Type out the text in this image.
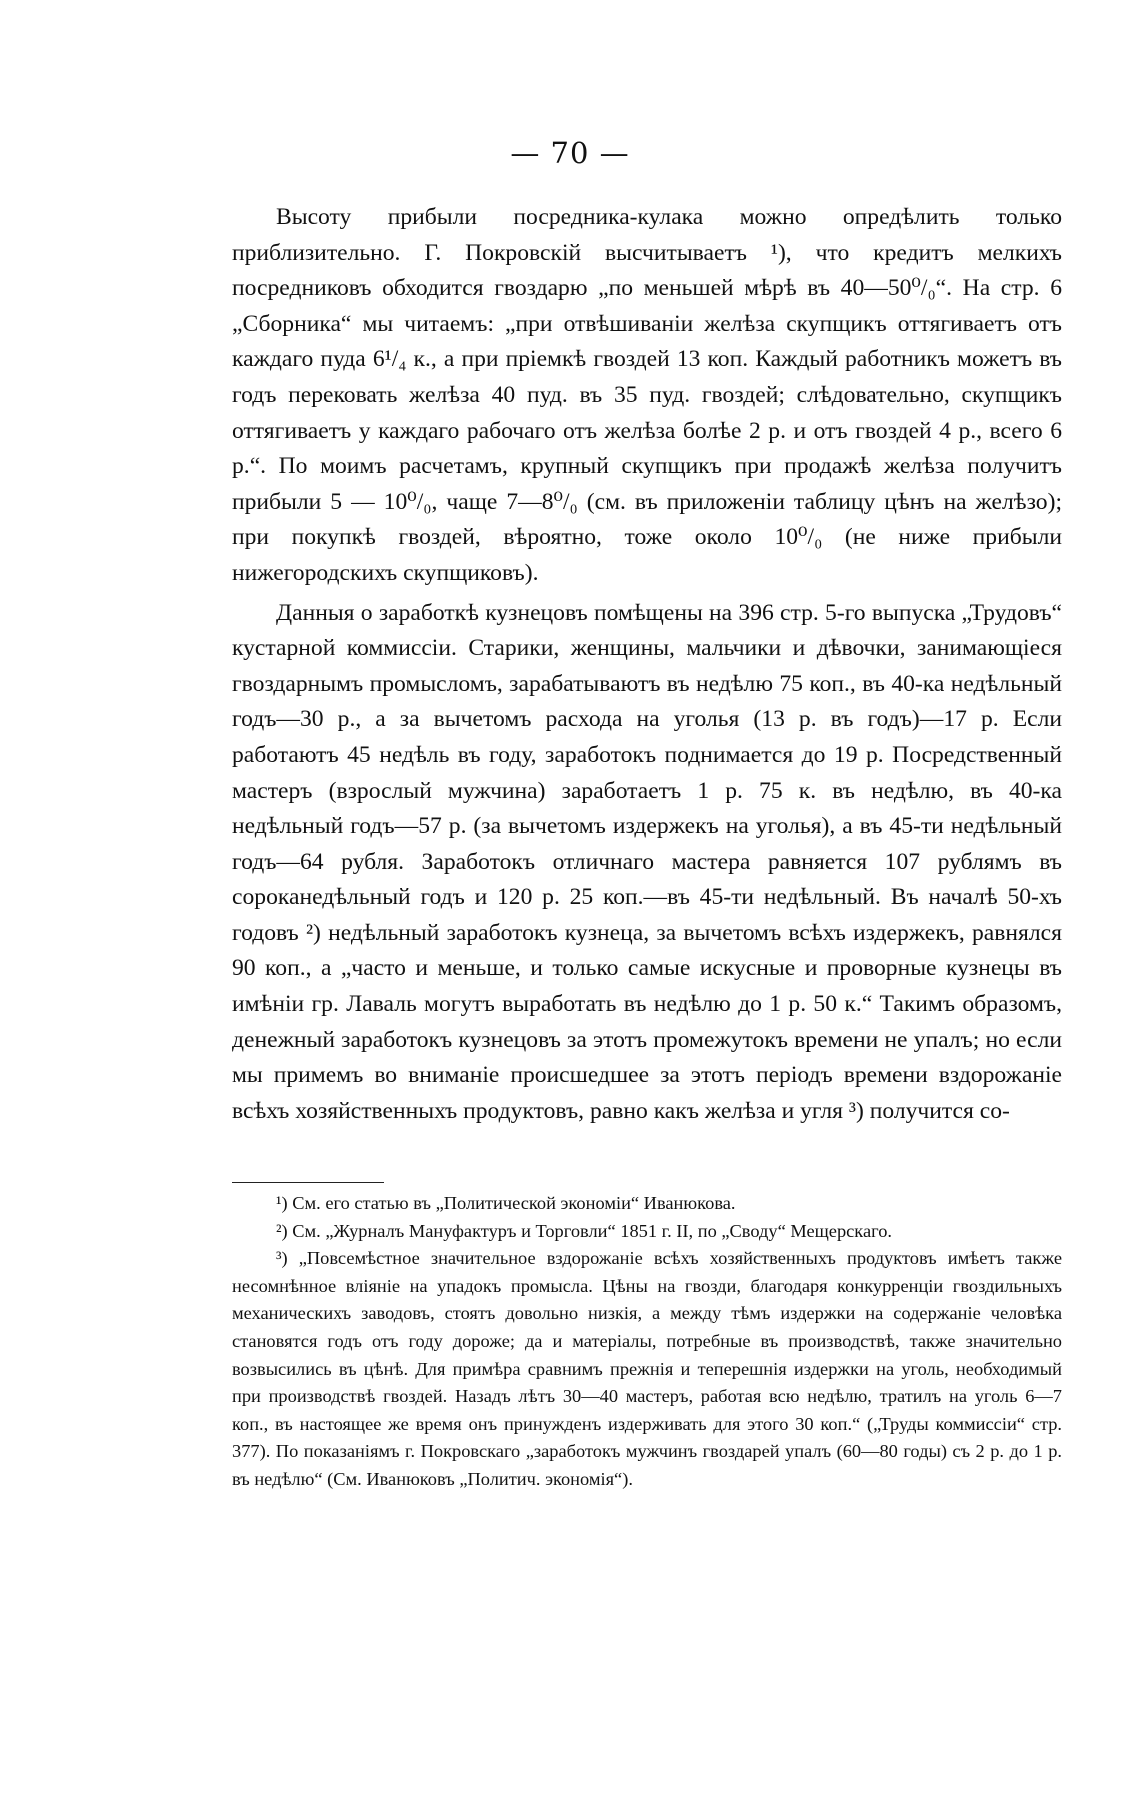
— 70 —

Высоту прибыли посредника-кулака можно опредѣлить только приблизительно. Г. Покровскій высчитываетъ ¹), что кредитъ мелкихъ посредниковъ обходится гвоздарю „по меньшей мѣрѣ въ 40—50⁰/₀“. На стр. 6 „Сборника“ мы читаемъ: „при отвѣшиваніи желѣза скупщикъ оттягиваетъ отъ каждаго пуда 6¹/₄ к., а при пріемкѣ гвоздей 13 коп. Каждый работникъ можетъ въ годъ перековать желѣза 40 пуд. въ 35 пуд. гвоздей; слѣдовательно, скупщикъ оттягиваетъ у каждаго рабочаго отъ желѣза болѣе 2 р. и отъ гвоздей 4 р., всего 6 р.“. По моимъ расчетамъ, крупный скупщикъ при продажѣ желѣза получитъ прибыли 5 — 10⁰/₀, чаще 7—8⁰/₀ (см. въ приложеніи таблицу цѣнъ на желѣзо); при покупкѣ гвоздей, вѣроятно, тоже около 10⁰/₀ (не ниже прибыли нижегородскихъ скупщиковъ).

Данныя о заработкѣ кузнецовъ помѣщены на 396 стр. 5-го выпуска „Трудовъ“ кустарной коммиссіи. Старики, женщины, мальчики и дѣвочки, занимающіеся гвоздарнымъ промысломъ, зарабатываютъ въ недѣлю 75 коп., въ 40-ка недѣльный годъ—30 р., а за вычетомъ расхода на уголья (13 р. въ годъ)—17 р. Если работаютъ 45 недѣль въ году, заработокъ поднимается до 19 р. Посредственный мастеръ (взрослый мужчина) заработаетъ 1 р. 75 к. въ недѣлю, въ 40-ка недѣльный годъ—57 р. (за вычетомъ издержекъ на уголья), а въ 45-ти недѣльный годъ—64 рубля. Заработокъ отличнаго мастера равняется 107 рублямъ въ сороканедѣльный годъ и 120 р. 25 коп.—въ 45-ти недѣльный. Въ началѣ 50-хъ годовъ ²) недѣльный заработокъ кузнеца, за вычетомъ всѣхъ издержекъ, равнялся 90 коп., а „часто и меньше, и только самые искусные и проворные кузнецы въ имѣніи гр. Лаваль могутъ выработать въ недѣлю до 1 р. 50 к.“ Такимъ образомъ, денежный заработокъ кузнецовъ за этотъ промежутокъ времени не упалъ; но если мы примемъ во вниманіе происшедшее за этотъ періодъ времени вздорожаніе всѣхъ хозяйственныхъ продуктовъ, равно какъ желѣза и угля ³) получится со-

¹) См. его статью въ „Политической экономіи“ Иванюкова.

²) См. „Журналъ Мануфактуръ и Торговли“ 1851 г. II, по „Своду“ Мещерскаго.

³) „Повсемѣстное значительное вздорожаніе всѣхъ хозяйственныхъ продуктовъ имѣетъ также несомнѣнное вліяніе на упадокъ промысла. Цѣны на гвозди, благодаря конкурренціи гвоздильныхъ механическихъ заводовъ, стоятъ довольно низкія, а между тѣмъ издержки на содержаніе человѣка становятся годъ отъ году дороже; да и матеріалы, потребные въ производствѣ, также значительно возвысились въ цѣнѣ. Для примѣра сравнимъ прежнія и теперешнія издержки на уголь, необходимый при производствѣ гвоздей. Назадъ лѣтъ 30—40 мастеръ, работая всю недѣлю, тратилъ на уголь 6—7 коп., въ настоящее же время онъ принужденъ издерживать для этого 30 коп.“ („Труды коммиссіи“ стр. 377). По показаніямъ г. Покровскаго „заработокъ мужчинъ гвоздарей упалъ (60—80 годы) съ 2 р. до 1 р. въ недѣлю“ (См. Иванюковъ „Политич. экономія“).
